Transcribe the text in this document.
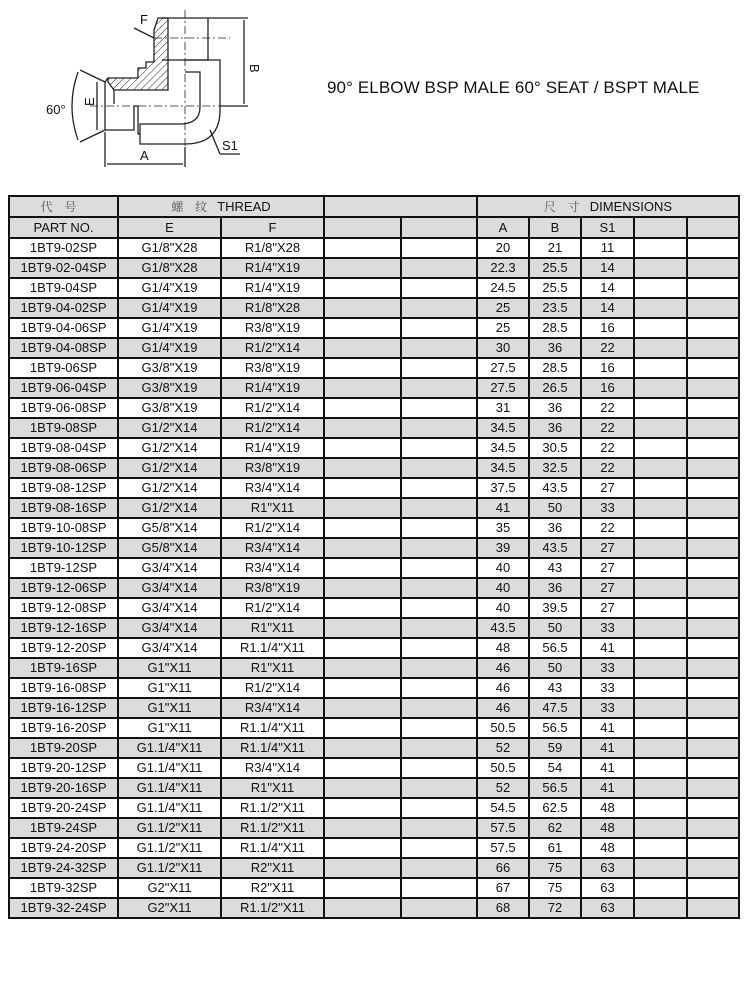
F
B
E
60°
A
S1
90° ELBOW BSP MALE 60° SEAT / BSPT MALE
代 号	螺 纹 THREAD				尺 寸 DIMENSIONS				
PART NO.	E	F			A	B	S1		
1BT9-02SP	G1/8"X28	R1/8"X28			20	21	11		
1BT9-02-04SP	G1/8"X28	R1/4"X19			22.3	25.5	14		
1BT9-04SP	G1/4"X19	R1/4"X19			24.5	25.5	14		
1BT9-04-02SP	G1/4"X19	R1/8"X28			25	23.5	14		
1BT9-04-06SP	G1/4"X19	R3/8"X19			25	28.5	16		
1BT9-04-08SP	G1/4"X19	R1/2"X14			30	36	22		
1BT9-06SP	G3/8"X19	R3/8"X19			27.5	28.5	16		
1BT9-06-04SP	G3/8"X19	R1/4"X19			27.5	26.5	16		
1BT9-06-08SP	G3/8"X19	R1/2"X14			31	36	22		
1BT9-08SP	G1/2"X14	R1/2"X14			34.5	36	22		
1BT9-08-04SP	G1/2"X14	R1/4"X19			34.5	30.5	22		
1BT9-08-06SP	G1/2"X14	R3/8"X19			34.5	32.5	22		
1BT9-08-12SP	G1/2"X14	R3/4"X14			37.5	43.5	27		
1BT9-08-16SP	G1/2"X14	R1"X11			41	50	33		
1BT9-10-08SP	G5/8"X14	R1/2"X14			35	36	22		
1BT9-10-12SP	G5/8"X14	R3/4"X14			39	43.5	27		
1BT9-12SP	G3/4"X14	R3/4"X14			40	43	27		
1BT9-12-06SP	G3/4"X14	R3/8"X19			40	36	27		
1BT9-12-08SP	G3/4"X14	R1/2"X14			40	39.5	27		
1BT9-12-16SP	G3/4"X14	R1"X11			43.5	50	33		
1BT9-12-20SP	G3/4"X14	R1.1/4"X11			48	56.5	41		
1BT9-16SP	G1"X11	R1"X11			46	50	33		
1BT9-16-08SP	G1"X11	R1/2"X14			46	43	33		
1BT9-16-12SP	G1"X11	R3/4"X14			46	47.5	33		
1BT9-16-20SP	G1"X11	R1.1/4"X11			50.5	56.5	41		
1BT9-20SP	G1.1/4"X11	R1.1/4"X11			52	59	41		
1BT9-20-12SP	G1.1/4"X11	R3/4"X14			50.5	54	41		
1BT9-20-16SP	G1.1/4"X11	R1"X11			52	56.5	41		
1BT9-20-24SP	G1.1/4"X11	R1.1/2"X11			54.5	62.5	48		
1BT9-24SP	G1.1/2"X11	R1.1/2"X11			57.5	62	48		
1BT9-24-20SP	G1.1/2"X11	R1.1/4"X11			57.5	61	48		
1BT9-24-32SP	G1.1/2"X11	R2"X11			66	75	63		
1BT9-32SP	G2"X11	R2"X11			67	75	63		
1BT9-32-24SP	G2"X11	R1.1/2"X11			68	72	63		
